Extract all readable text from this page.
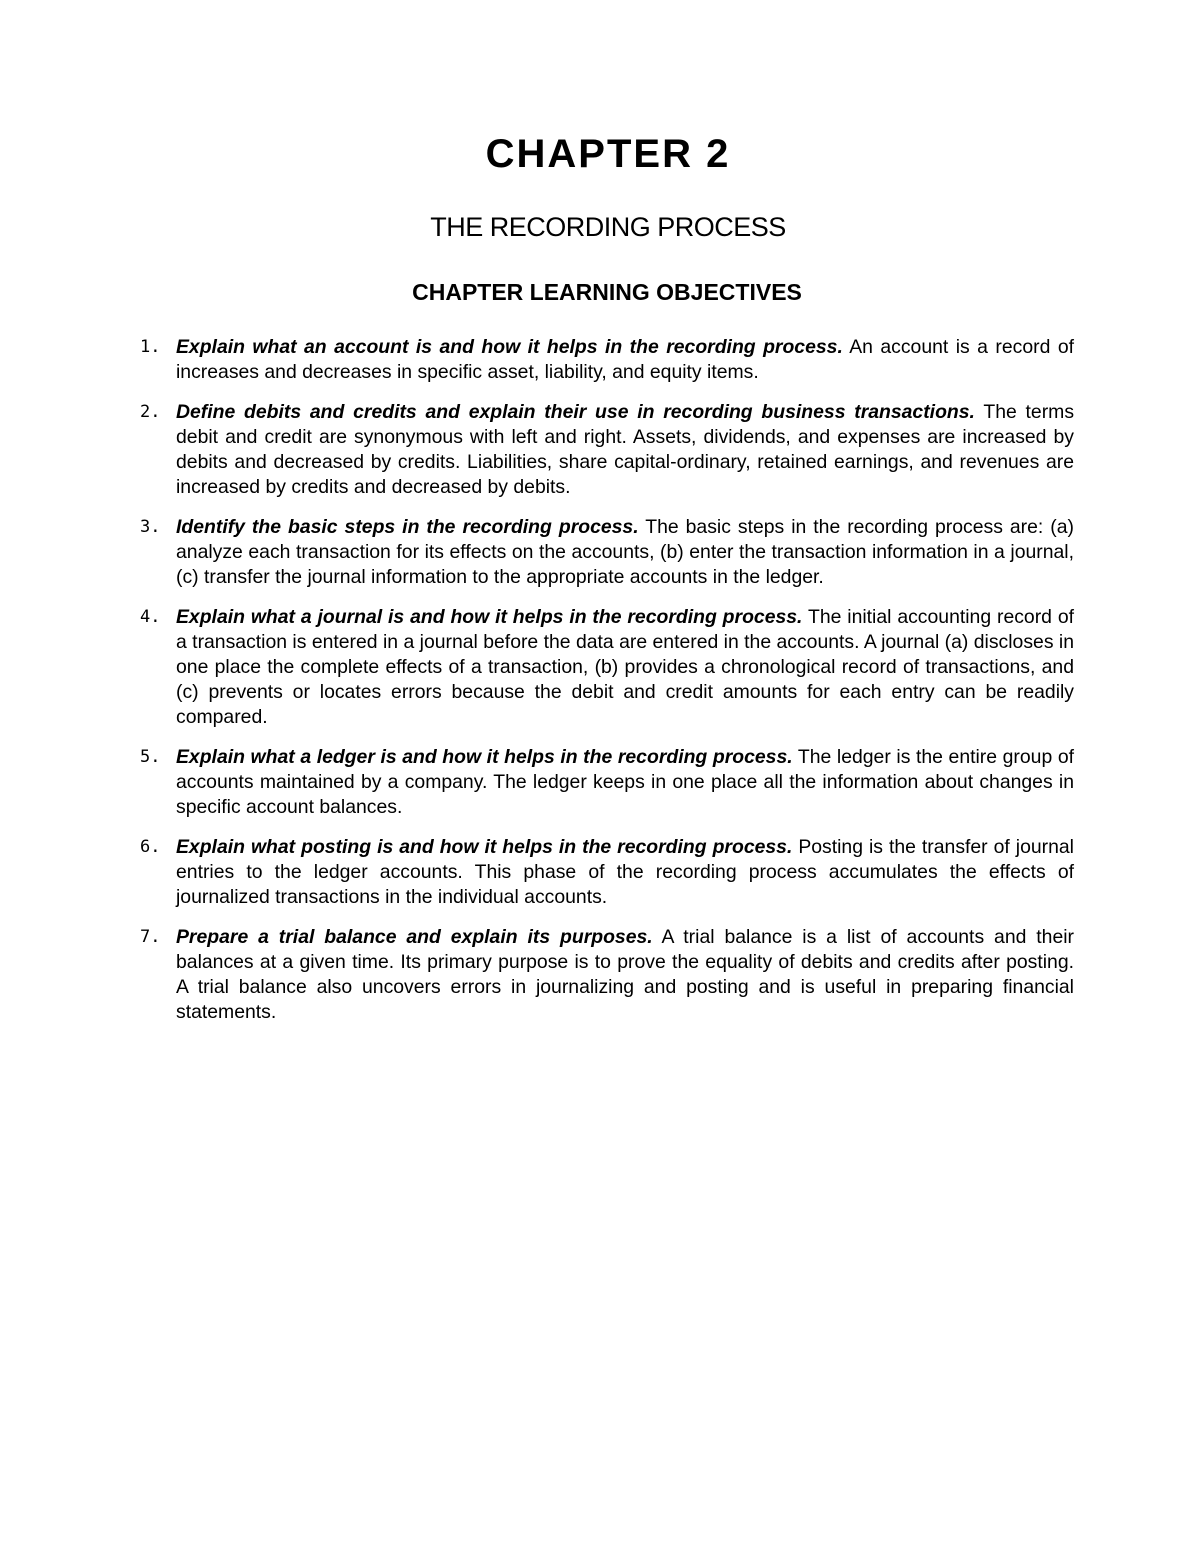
CHAPTER 2
THE RECORDING PROCESS
CHAPTER LEARNING OBJECTIVES
1. Explain what an account is and how it helps in the recording process. An account is a record of increases and decreases in specific asset, liability, and equity items.
2. Define debits and credits and explain their use in recording business transactions. The terms debit and credit are synonymous with left and right. Assets, dividends, and expenses are increased by debits and decreased by credits. Liabilities, share capital-ordinary, retained earnings, and revenues are increased by credits and decreased by debits.
3. Identify the basic steps in the recording process. The basic steps in the recording process are: (a) analyze each transaction for its effects on the accounts, (b) enter the transaction information in a journal, (c) transfer the journal information to the appropriate accounts in the ledger.
4. Explain what a journal is and how it helps in the recording process. The initial accounting record of a transaction is entered in a journal before the data are entered in the accounts. A journal (a) discloses in one place the complete effects of a transaction, (b) provides a chronological record of transactions, and (c) prevents or locates errors because the debit and credit amounts for each entry can be readily compared.
5. Explain what a ledger is and how it helps in the recording process. The ledger is the entire group of accounts maintained by a company. The ledger keeps in one place all the information about changes in specific account balances.
6. Explain what posting is and how it helps in the recording process. Posting is the transfer of journal entries to the ledger accounts. This phase of the recording process accumulates the effects of journalized transactions in the individual accounts.
7. Prepare a trial balance and explain its purposes. A trial balance is a list of accounts and their balances at a given time. Its primary purpose is to prove the equality of debits and credits after posting. A trial balance also uncovers errors in journalizing and posting and is useful in preparing financial statements.
